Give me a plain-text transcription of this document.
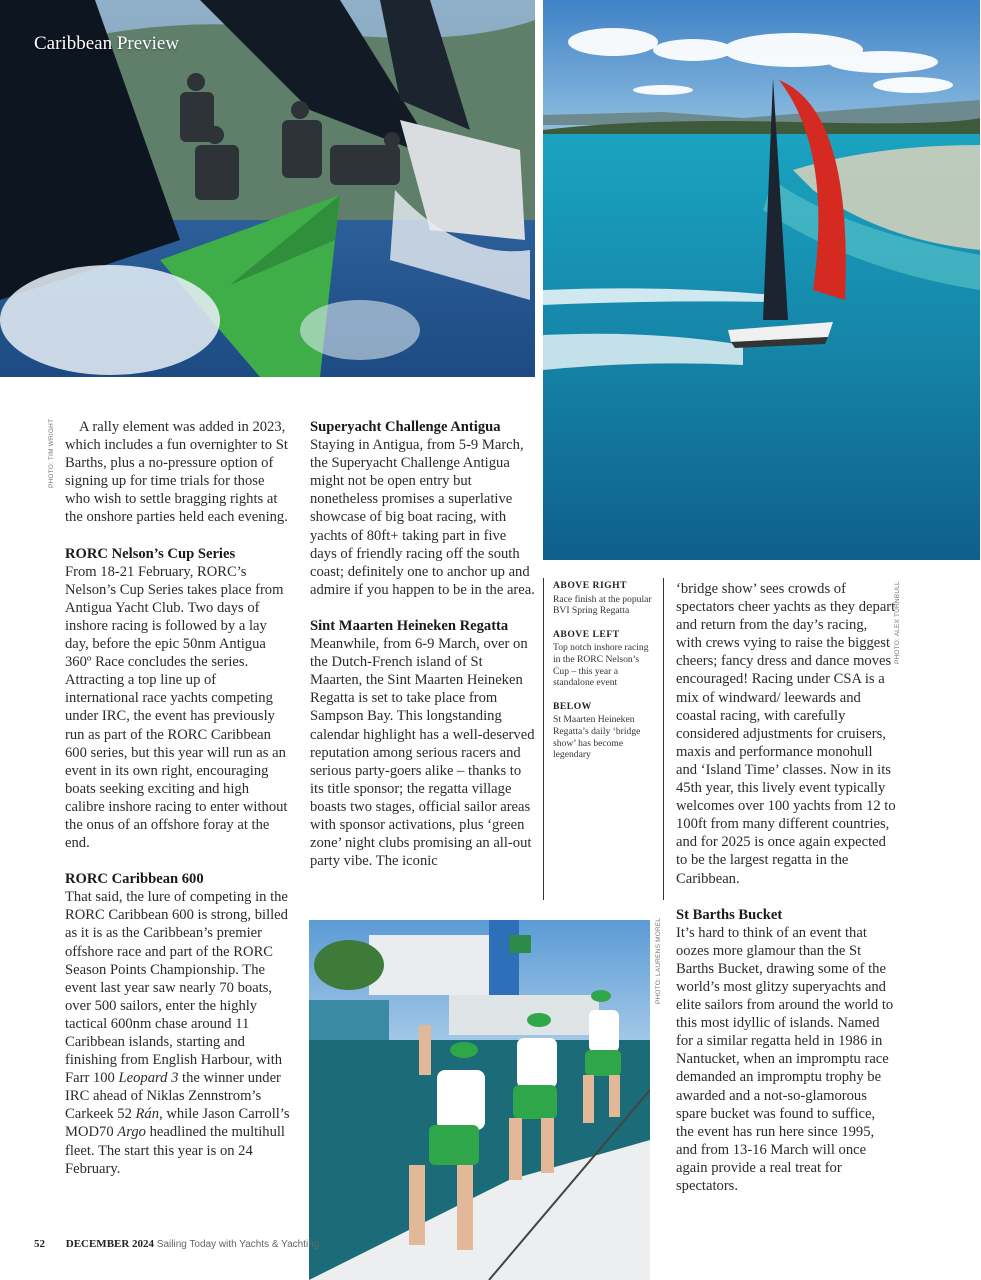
Caribbean Preview
PHOTO: TIM WRIGHT
PHOTO: ALEX TURNBULL
PHOTO: LAURENS MOREL

A rally element was added in 2023, which includes a fun overnighter to St Barths, plus a no-pressure option of signing up for time trials for those who wish to settle bragging rights at the onshore parties held each evening.

RORC Nelson’s Cup Series

From 18-21 February, RORC’s Nelson’s Cup Series takes place from Antigua Yacht Club. Two days of inshore racing is followed by a lay day, before the epic 50nm Antigua 360º Race concludes the series. Attracting a top line up of international race yachts competing under IRC, the event has previously run as part of the RORC Caribbean 600 series, but this year will run as an event in its own right, encouraging boats seeking exciting and high calibre inshore racing to enter without the onus of an offshore foray at the end.

RORC Caribbean 600

That said, the lure of competing in the RORC Caribbean 600 is strong, billed as it is as the Caribbean’s premier offshore race and part of the RORC Season Points Championship. The event last year saw nearly 70 boats, over 500 sailors, enter the highly tactical 600nm chase around 11 Caribbean islands, starting and finishing from English Harbour, with Farr 100 Leopard 3 the winner under IRC ahead of Niklas Zennstrom’s Carkeek 52 Rán, while Jason Carroll’s MOD70 Argo headlined the multihull fleet. The start this year is on 24 February.

Superyacht Challenge Antigua

Staying in Antigua, from 5-9 March, the Superyacht Challenge Antigua might not be open entry but nonetheless promises a superlative showcase of big boat racing, with yachts of 80ft+ taking part in five days of friendly racing off the south coast; definitely one to anchor up and admire if you happen to be in the area.

Sint Maarten Heineken Regatta

Meanwhile, from 6-9 March, over on the Dutch-French island of St Maarten, the Sint Maarten Heineken Regatta is set to take place from Sampson Bay. This longstanding calendar highlight has a well-deserved reputation among serious racers and serious party-goers alike – thanks to its title sponsor; the regatta village boasts two stages, official sailor areas with sponsor activations, plus ‘green zone’ night clubs promising an all-out party vibe. The iconic

ABOVE RIGHT
Race finish at the popular BVI Spring Regatta
ABOVE LEFT
Top notch inshore racing in the RORC Nelson’s Cup – this year a standalone event
BELOW
St Maarten Heineken Regatta’s daily ‘bridge show’ has become legendary

‘bridge show’ sees crowds of spectators cheer yachts as they depart and return from the day’s racing, with crews vying to raise the biggest cheers; fancy dress and dance moves encouraged! Racing under CSA is a mix of windward/ leewards and coastal racing, with carefully considered adjustments for cruisers, maxis and performance monohull and ‘Island Time’ classes. Now in its 45th year, this lively event typically welcomes over 100 yachts from 12 to 100ft from many different countries, and for 2025 is once again expected to be the largest regatta in the Caribbean.

St Barths Bucket

It’s hard to think of an event that oozes more glamour than the St Barths Bucket, drawing some of the world’s most glitzy superyachts and elite sailors from around the world to this most idyllic of islands. Named for a similar regatta held in 1986 in Nantucket, when an impromptu race demanded an impromptu trophy be awarded and a not-so-glamorous spare bucket was found to suffice, the event has run here since 1995, and from 13-16 March will once again provide a real treat for spectators.

52 DECEMBER 2024 Sailing Today with Yachts & Yachting
